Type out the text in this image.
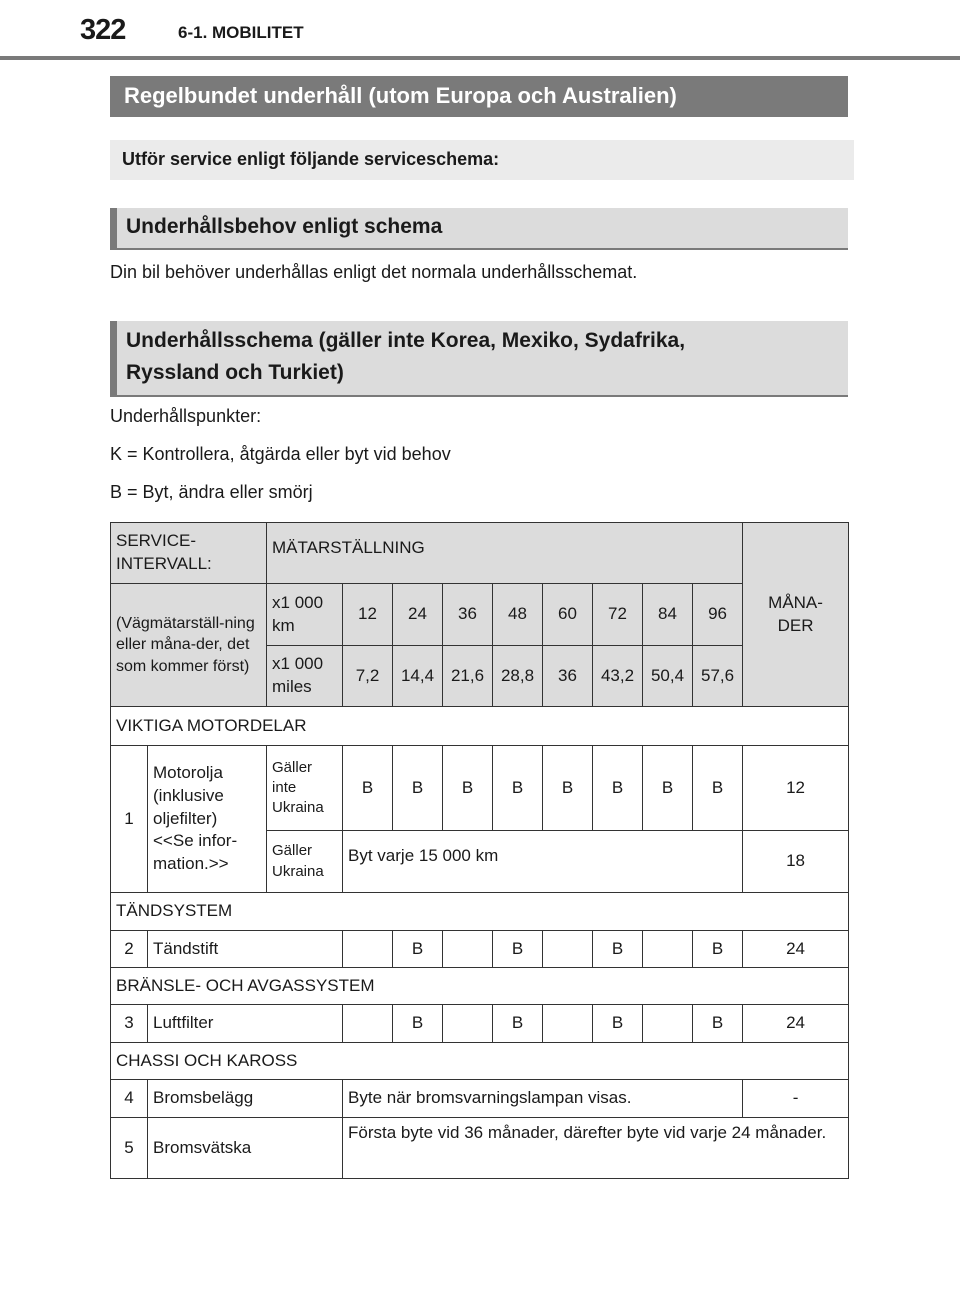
322	6-1. MOBILITET
Regelbundet underhåll (utom Europa och Australien)
Utför service enligt följande serviceschema:
Underhållsbehov enligt schema
Din bil behöver underhållas enligt det normala underhållsschemat.
Underhållsschema (gäller inte Korea, Mexiko, Sydafrika,
Ryssland och Turkiet)
Underhållspunkter:
K = Kontrollera, åtgärda eller byt vid behov
B = Byt, ändra eller smörj
SERVICE-INTERVALL:		MÄTARSTÄLLNING									MÅNA-DER
(Vägmätarställ-ning eller måna-der, det som kommer först)		x1 000 km	12	24	36	48	60	72	84	96	
		x1 000 miles	7,2	14,4	21,6	28,8	36	43,2	50,4	57,6	
VIKTIGA MOTORDELAR											
1	Motorolja (inklusive oljefilter) <<Se infor-mation.>>	Gäller inte Ukraina	B	B	B	B	B	B	B	B	12
		Gäller Ukraina	Byt varje 15 000 km								18
TÄNDSYSTEM											
2	Tändstift			B		B		B		B	24
BRÄNSLE- OCH AVGASSYSTEM											
3	Luftfilter			B		B		B		B	24
CHASSI OCH KAROSS											
4	Bromsbelägg		Byte när bromsvarningslampan visas.								-
5	Bromsvätska		Första byte vid 36 månader, därefter byte vid varje 24 månader.								
